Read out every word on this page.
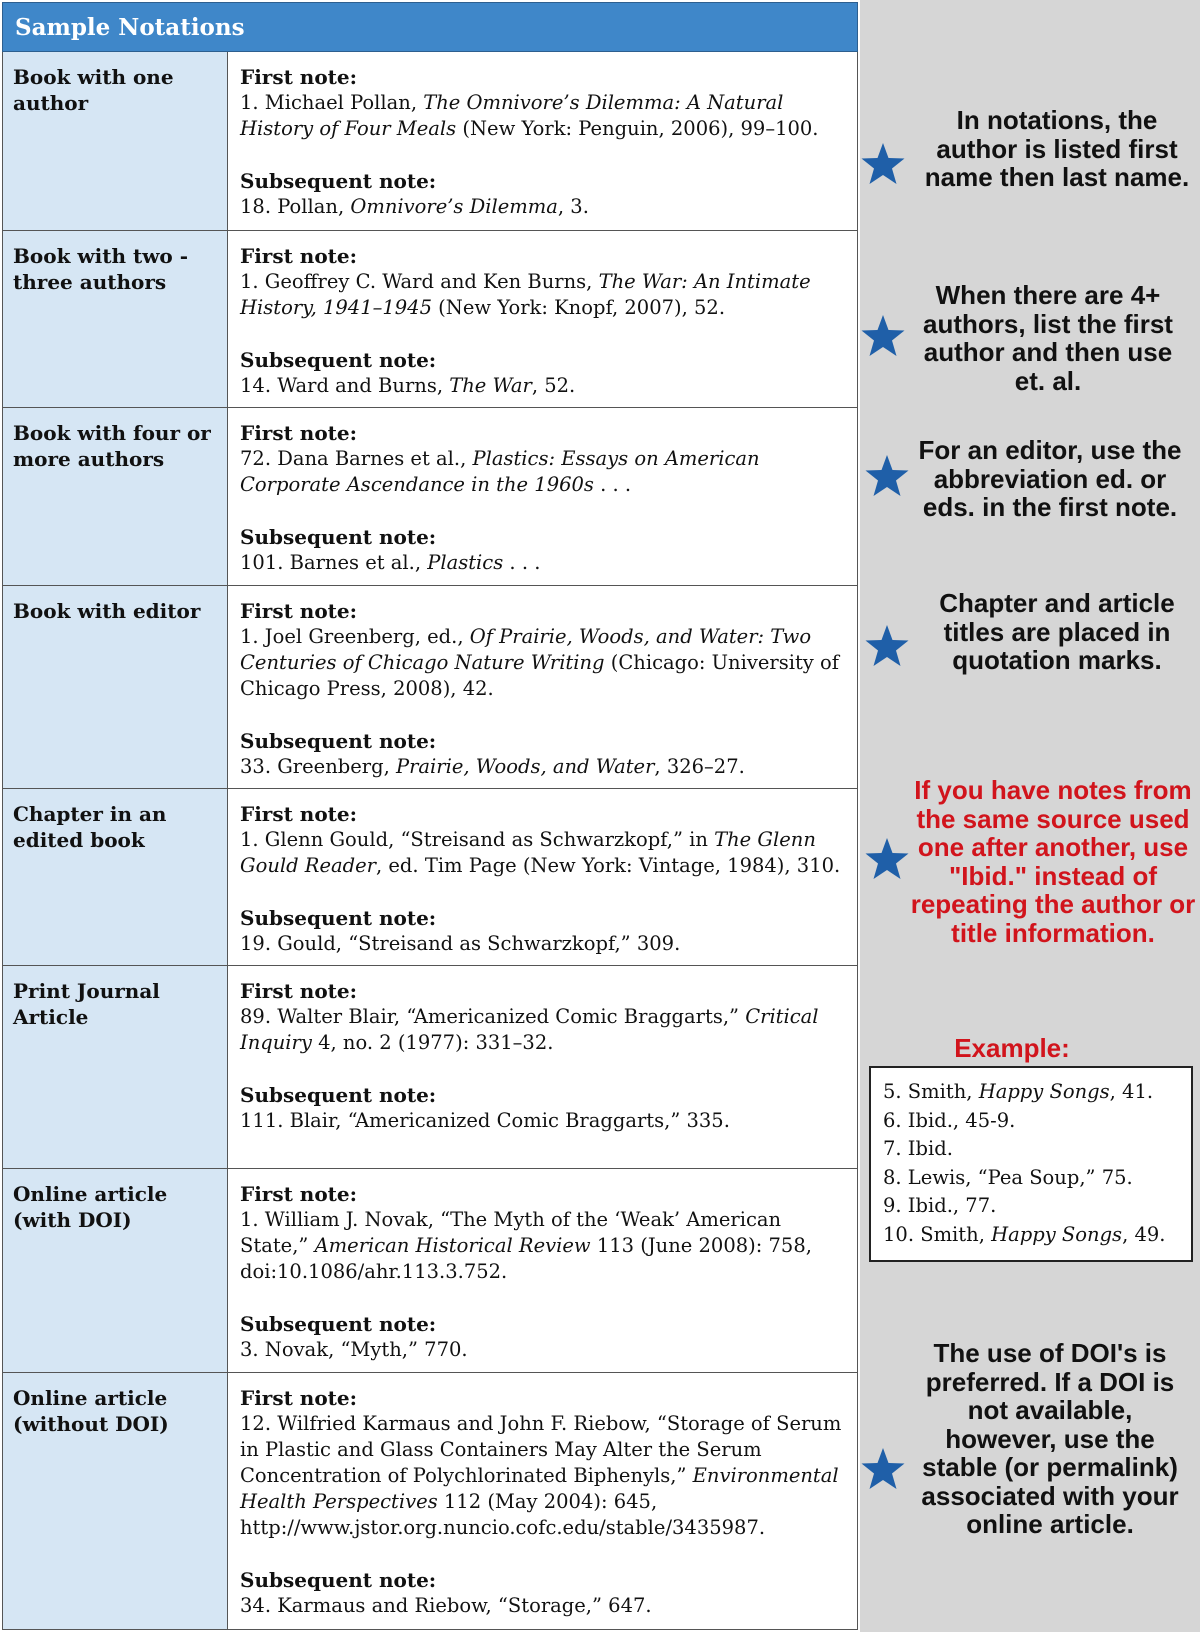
Sample Notations
Book with one author
First note:
1. Michael Pollan, The Omnivore’s Dilemma: A Natural History of Four Meals (New York: Penguin, 2006), 99–100.
Subsequent note:
18. Pollan, Omnivore’s Dilemma, 3.
Book with two - three authors
First note:
1. Geoffrey C. Ward and Ken Burns, The War: An Intimate History, 1941–1945 (New York: Knopf, 2007), 52.
Subsequent note:
14. Ward and Burns, The War, 52.
Book with four or more authors
First note:
72. Dana Barnes et al., Plastics: Essays on American Corporate Ascendance in the 1960s . . .
Subsequent note:
101. Barnes et al., Plastics . . .
Book with editor	First note:
1. Joel Greenberg, ed., Of Prairie, Woods, and Water: Two Centuries of Chicago Nature Writing (Chicago: University of Chicago Press, 2008), 42.
Subsequent note:
33. Greenberg, Prairie, Woods, and Water, 326–27.
Chapter in an edited book
First note:
1. Glenn Gould, “Streisand as Schwarzkopf,” in The Glenn Gould Reader, ed. Tim Page (New York: Vintage, 1984), 310.
Subsequent note:
19. Gould, “Streisand as Schwarzkopf,” 309.
Print Journal Article
First note:
89. Walter Blair, “Americanized Comic Braggarts,” Critical Inquiry 4, no. 2 (1977): 331–32.
Subsequent note:
111. Blair, “Americanized Comic Braggarts,” 335.
Online article (with DOI)
First note:
1. William J. Novak, “The Myth of the ‘Weak’ American State,” American Historical Review 113 (June 2008): 758, doi:10.1086/ahr.113.3.752.
Subsequent note:
3. Novak, “Myth,” 770.
Online article (without DOI)
First note:
12. Wilfried Karmaus and John F. Riebow, “Storage of Serum in Plastic and Glass Containers May Alter the Serum Concentration of Polychlorinated Biphenyls,” Environmental Health Perspectives 112 (May 2004): 645, http://www.jstor.org.nuncio.cofc.edu/stable/3435987.
Subsequent note:
34. Karmaus and Riebow, “Storage,” 647.
In notations, the author is listed first name then last name.
When there are 4+ authors, list the first author and then use et. al.
For an editor, use the abbreviation ed. or eds. in the first note.
Chapter and article titles are placed in quotation marks.
If you have notes from the same source used one after another, use "Ibid." instead of repeating the author or title information.
The use of DOI's is preferred. If a DOI is not available, however, use the stable (or permalink) associated with your online article.
Example:
5. Smith, Happy Songs, 41.
6. Ibid., 45-9.
7. Ibid.
8. Lewis, “Pea Soup,” 75.
9. Ibid., 77.
10. Smith, Happy Songs, 49.
